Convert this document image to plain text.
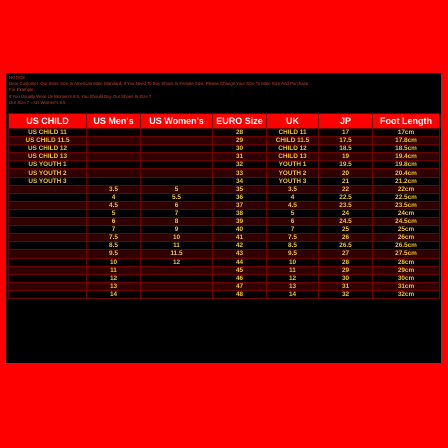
NOTICE
Dear Customer, Our Store Size Is American Male Standard. If You Need To Buy Shoes In Female Size, Please Change Your Size To Male Size And Purchase.
For Example:
If You Usually Wear Us Women's 8.5, You Should Buy Our Shoes In Size 7
Our Size 7 = Us Women's 8.5
US CHILD	US Men's	US Women's	EURO Size	UK	JP	Foot Length
US CHILD 11			28	CHILD 11	17	17cm
US CHILD 11.5			29	CHILD 11.5	17.5	17.8cm
US CHILD 12			30	CHILD 12	18.5	18.5cm
US CHILD 13			31	CHILD 13	19	19.4cm
US YOUTH 1			32	YOUTH 1	19.5	19.8cm
US YOUTH 2			33	YOUTH 2	20	20.4cm
US YOUTH 3			34	YOUTH 3	21	21.2cm
	3.5	5	35	3.5	22	22cm
	4	5.5	36	4	22.5	22.5cm
	4.5	6	37	4.5	23.5	23.5cm
	5	7	38	5	24	24cm
	6	8	39	6	24.5	24.5cm
	7	9	40	7	25	25cm
	7.5	10	41	7.5	26	26cm
	8.5	11	42	8.5	26.5	26.5cm
	9.5	11.5	43	9.5	27	27.5cm
	10	12	44	10	28	28cm
	11		45	11	29	29cm
	12		46	12	30	30cm
	13		47	13	31	31cm
	14		48	14	32	32cm
